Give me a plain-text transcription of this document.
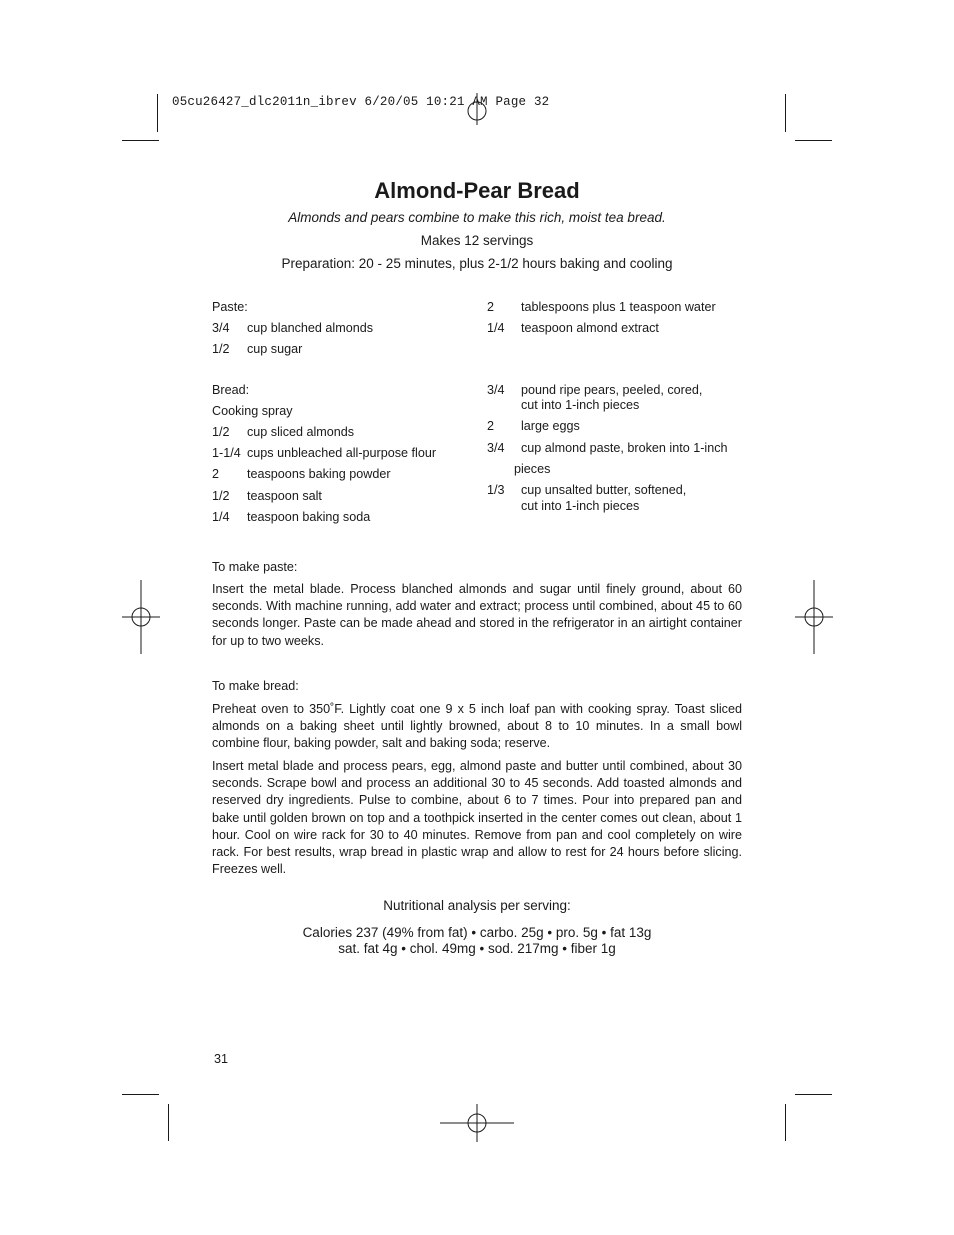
05cu26427_dlc2011n_ibrev 6/20/05 10:21 AM Page 32
Almond-Pear Bread
Almonds and pears combine to make this rich, moist tea bread.
Makes 12 servings
Preparation: 20 - 25 minutes, plus 2-1/2 hours baking and cooling
Paste:
3/4 cup blanched almonds
1/2 cup sugar
2 tablespoons plus 1 teaspoon water
1/4 teaspoon almond extract
Bread:
Cooking spray
1/2 cup sliced almonds
1-1/4 cups unbleached all-purpose flour
2 teaspoons baking powder
1/2 teaspoon salt
1/4 teaspoon baking soda
3/4 pound ripe pears, peeled, cored,
cut into 1-inch pieces
2 large eggs
3/4 cup almond paste, broken into 1-inch
pieces
1/3 cup unsalted butter, softened,
cut into 1-inch pieces
To make paste:
Insert the metal blade. Process blanched almonds and sugar until finely ground, about 60 seconds. With machine running, add water and extract; process until combined, about 45 to 60 seconds longer. Paste can be made ahead and stored in the refrigerator in an airtight container for up to two weeks.
To make bread:
Preheat oven to 350˚F. Lightly coat one 9 x 5 inch loaf pan with cooking spray. Toast sliced almonds on a baking sheet until lightly browned, about 8 to 10 minutes. In a small bowl combine flour, baking powder, salt and baking soda; reserve.
Insert metal blade and process pears, egg, almond paste and butter until combined, about 30 seconds. Scrape bowl and process an additional 30 to 45 seconds. Add toasted almonds and reserved dry ingredients. Pulse to combine, about 6 to 7 times. Pour into prepared pan and bake until golden brown on top and a toothpick inserted in the center comes out clean, about 1 hour. Cool on wire rack for 30 to 40 minutes. Remove from pan and cool completely on wire rack. For best results, wrap bread in plastic wrap and allow to rest for 24 hours before slicing. Freezes well.
Nutritional analysis per serving:
Calories 237 (49% from fat) • carbo. 25g • pro. 5g • fat 13g
sat. fat 4g • chol. 49mg • sod. 217mg • fiber 1g
31
